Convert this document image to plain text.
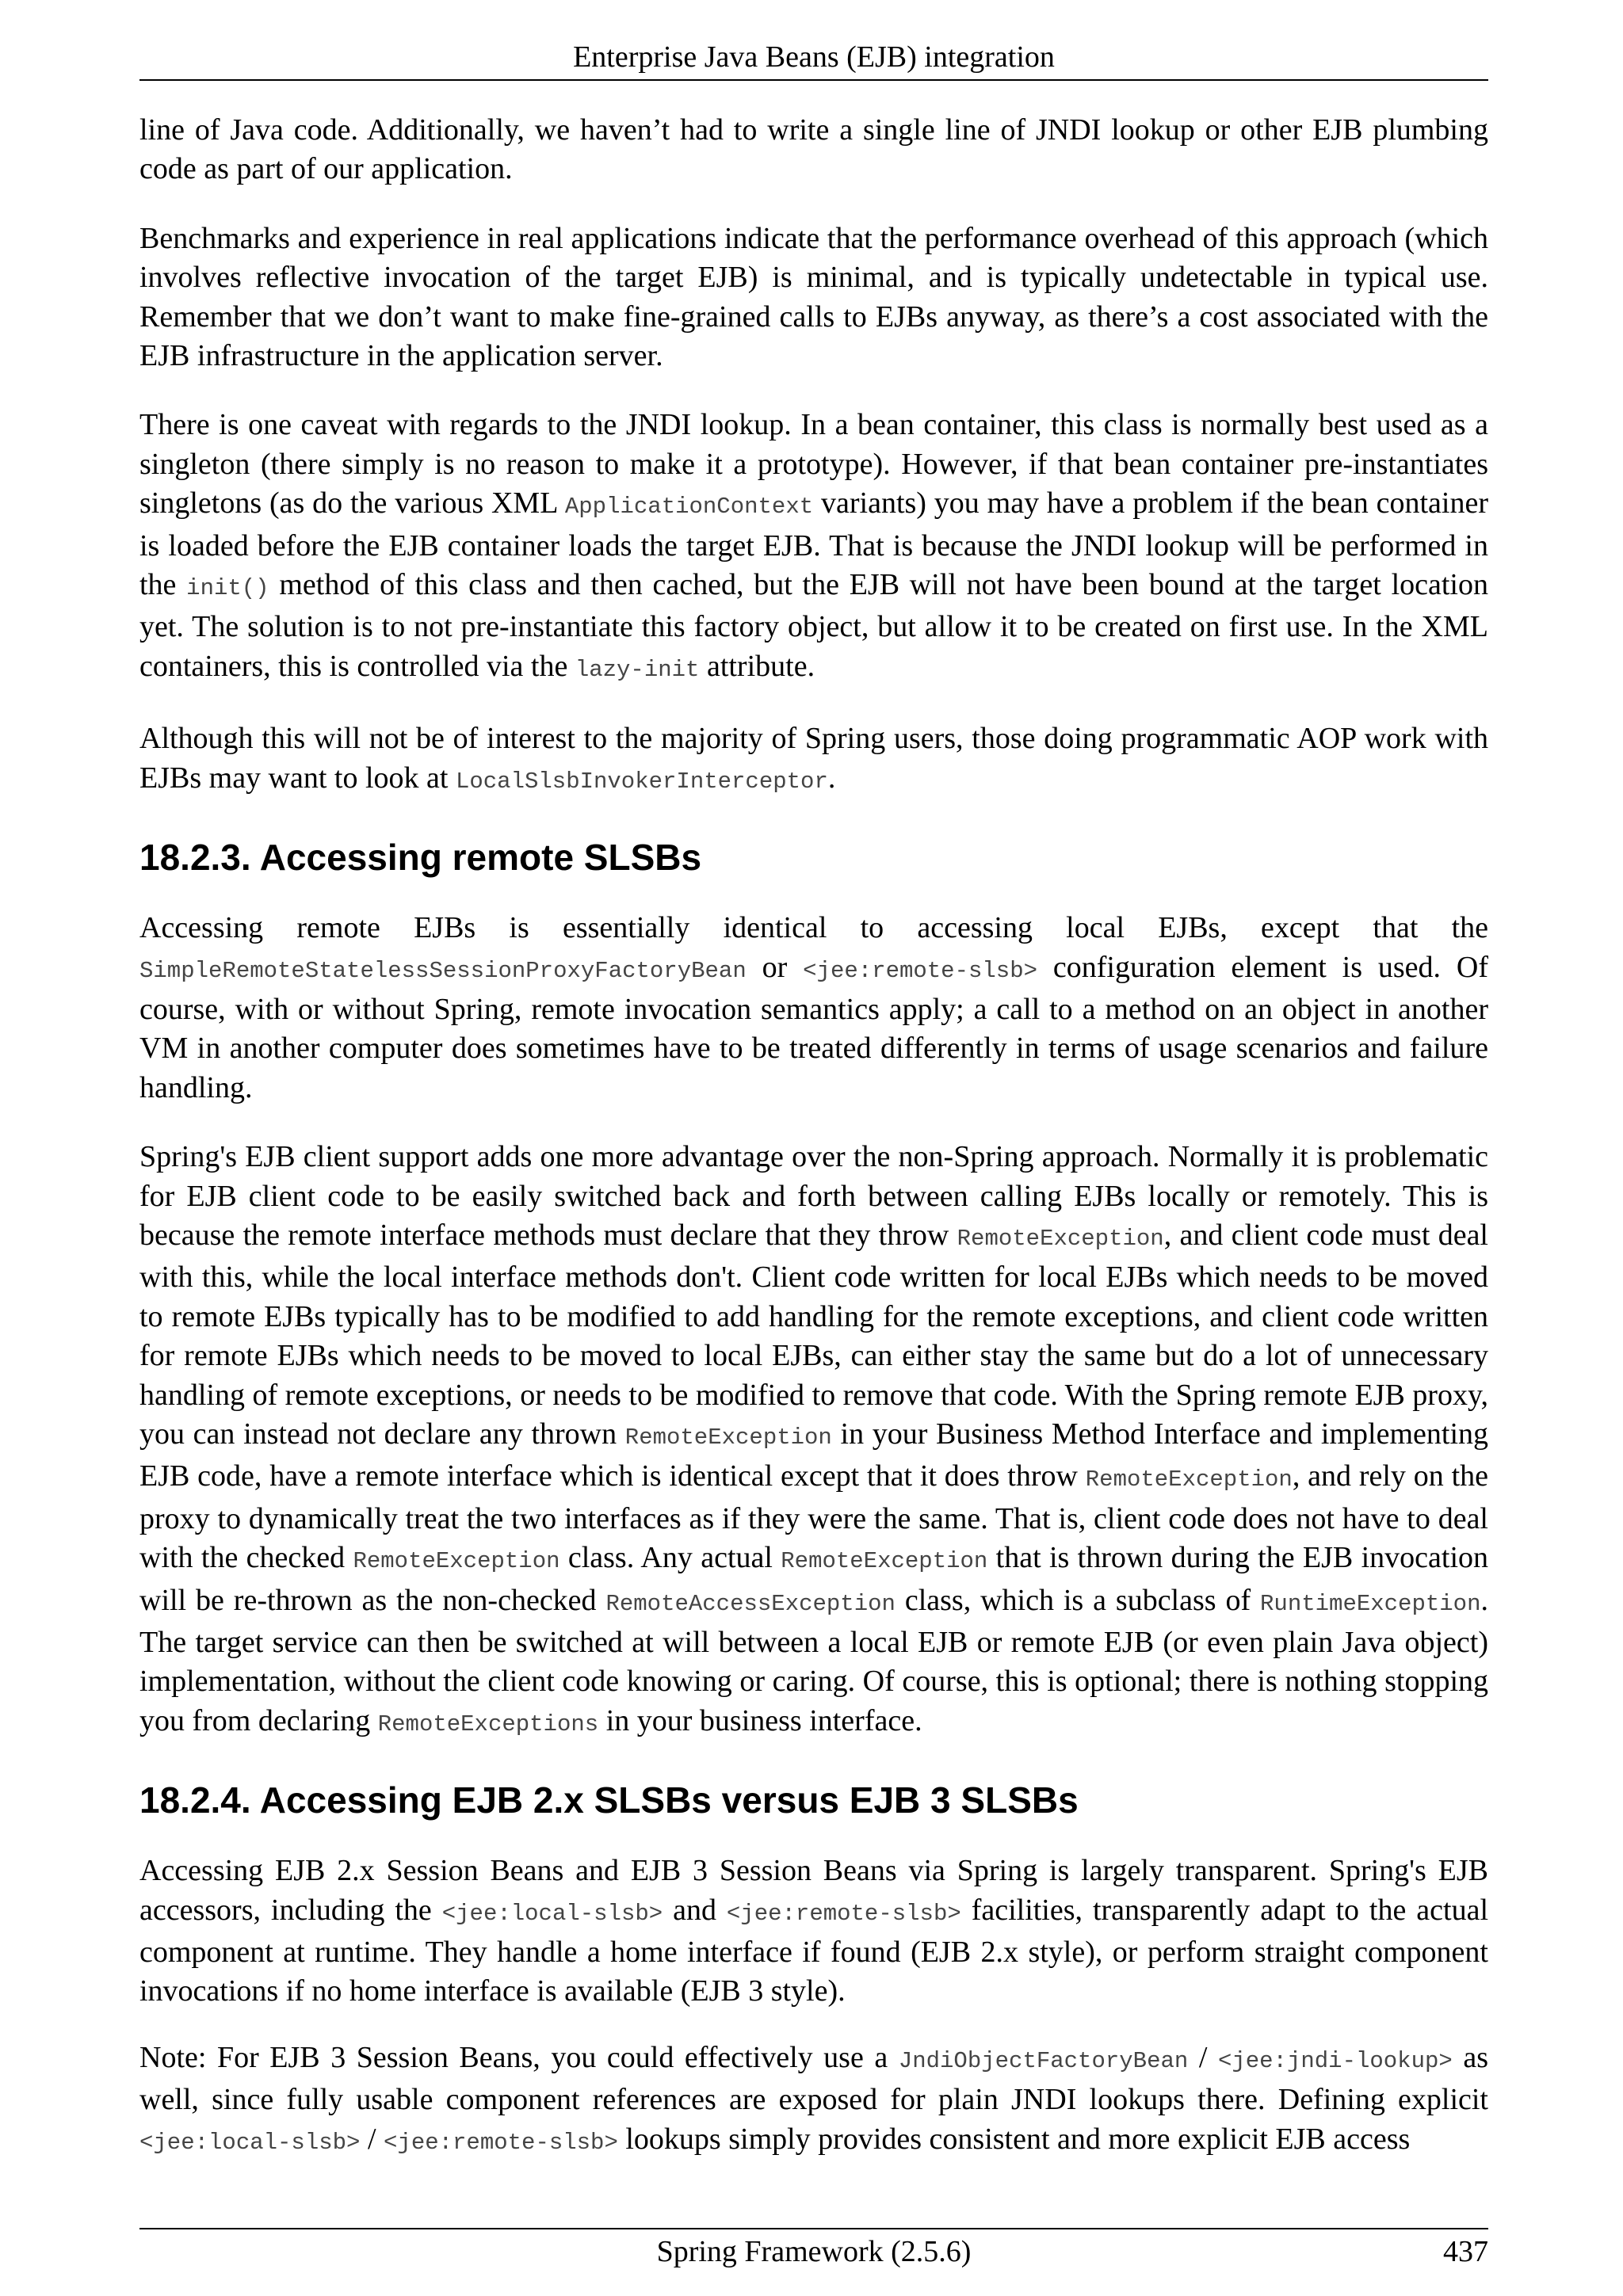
Enterprise Java Beans (EJB) integration

line of Java code. Additionally, we haven’t had to write a single line of JNDI lookup or other EJB plumbing code as part of our application.

Benchmarks and experience in real applications indicate that the performance overhead of this approach (which involves reflective invocation of the target EJB) is minimal, and is typically undetectable in typical use. Remember that we don’t want to make fine-grained calls to EJBs anyway, as there’s a cost associated with the EJB infrastructure in the application server.

There is one caveat with regards to the JNDI lookup. In a bean container, this class is normally best used as a singleton (there simply is no reason to make it a prototype). However, if that bean container pre-instantiates singletons (as do the various XML ApplicationContext variants) you may have a problem if the bean container is loaded before the EJB container loads the target EJB. That is because the JNDI lookup will be performed in the init() method of this class and then cached, but the EJB will not have been bound at the target location yet. The solution is to not pre-instantiate this factory object, but allow it to be created on first use. In the XML containers, this is controlled via the lazy-init attribute.

Although this will not be of interest to the majority of Spring users, those doing programmatic AOP work with EJBs may want to look at LocalSlsbInvokerInterceptor.

18.2.3. Accessing remote SLSBs

Accessing remote EJBs is essentially identical to accessing local EJBs, except that the SimpleRemoteStatelessSessionProxyFactoryBean or <jee:remote-slsb> configuration element is used. Of course, with or without Spring, remote invocation semantics apply; a call to a method on an object in another VM in another computer does sometimes have to be treated differently in terms of usage scenarios and failure handling.

Spring's EJB client support adds one more advantage over the non-Spring approach. Normally it is problematic for EJB client code to be easily switched back and forth between calling EJBs locally or remotely. This is because the remote interface methods must declare that they throw RemoteException, and client code must deal with this, while the local interface methods don't. Client code written for local EJBs which needs to be moved to remote EJBs typically has to be modified to add handling for the remote exceptions, and client code written for remote EJBs which needs to be moved to local EJBs, can either stay the same but do a lot of unnecessary handling of remote exceptions, or needs to be modified to remove that code. With the Spring remote EJB proxy, you can instead not declare any thrown RemoteException in your Business Method Interface and implementing EJB code, have a remote interface which is identical except that it does throw RemoteException, and rely on the proxy to dynamically treat the two interfaces as if they were the same. That is, client code does not have to deal with the checked RemoteException class. Any actual RemoteException that is thrown during the EJB invocation will be re-thrown as the non-checked RemoteAccessException class, which is a subclass of RuntimeException. The target service can then be switched at will between a local EJB or remote EJB (or even plain Java object) implementation, without the client code knowing or caring. Of course, this is optional; there is nothing stopping you from declaring RemoteExceptions in your business interface.

18.2.4. Accessing EJB 2.x SLSBs versus EJB 3 SLSBs

Accessing EJB 2.x Session Beans and EJB 3 Session Beans via Spring is largely transparent. Spring's EJB accessors, including the <jee:local-slsb> and <jee:remote-slsb> facilities, transparently adapt to the actual component at runtime. They handle a home interface if found (EJB 2.x style), or perform straight component invocations if no home interface is available (EJB 3 style).

Note: For EJB 3 Session Beans, you could effectively use a JndiObjectFactoryBean / <jee:jndi-lookup> as well, since fully usable component references are exposed for plain JNDI lookups there. Defining explicit <jee:local-slsb> / <jee:remote-slsb> lookups simply provides consistent and more explicit EJB access

Spring Framework (2.5.6)	437
